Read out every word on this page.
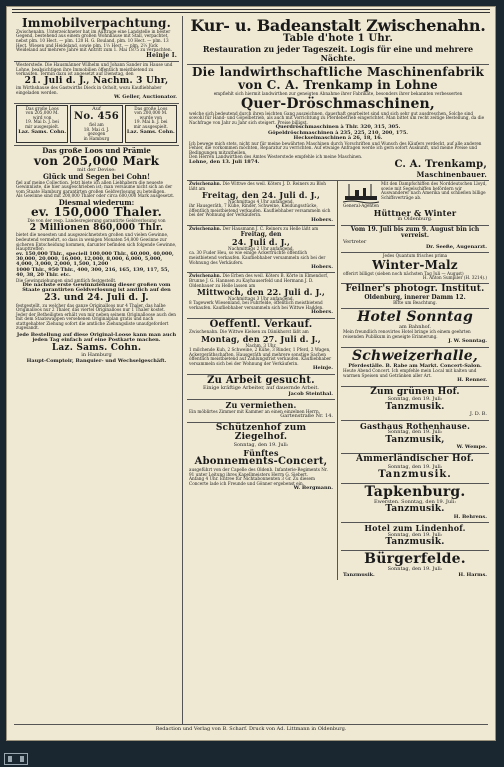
Immobilverpachtung.

Zwischenahn. Unterzeichneter hat im Auftrage eine Landstelle in bester Gegend, bestehend aus einem großen Wohnhause mit Stall, verpachtet, nebst plm. 10 Hect. — plm. 120 H. G. Bouland, plm. 10 Hect. — plm. 13 Hect. Wiesen und Heideland, sowie plm. 1⅓ Hect. — plm. 2⅔ Jück Weideland auf mehrere Jahre mit Antritt zum 1. Mai 1875 zu verpachten.

Heinje I.

Westerstede. Die Hausmänner Wilhelm und Johann Sander im Hause und Lohne, beabsichtigen ihre Immobilien öffentlich meistbietend zu verkaufen. Termin dazu ist angesetzt auf Dienstag, den

21. Juli d. J., Nachm. 3 Uhr,

im Wirthshause des Gastwirths Dieck in Ocholt, wozu Kaufliebhaber eingeladen werden.

W. Geller, Auctionator.

Das große Loos

von 205,000 M.

wird von

19. Mai b. J. bei

mir ausgespielt.

Laz. Sams. Cohn.

Auf

No. 456

fiel am

18. Mai d. J.

gezogen

in Hamburg

Das große Loos

von 200,000 M.

wurde von

19. Mai b. J. bei

mir ausgespielt.

Laz. Sams. Cohn.

Das große Loos und Prämie

von 205,000 Mark

mit der Devise:

Glück und Segen bei Cohn!

fiel auf meine Collection. Jetzt biete ich allen Liebhabern die neueste Gewinnliste, die hier ausgeschrieben ist; man versäume nicht sich an der vom Staate Hamburg garantirten großen Geldverlosung zu beteiligen.

Als Gewinne sind mit 200,000 Thaler oder circa 600,000 Mark ausgesetzt.

Diesmal wiederum:

ev. 150,000 Thaler.

Die von der resp. Landesregierung garantirte Geldverlosung von

2 Millionen 860,000 Thlr.

bietet die neuesten und ausgezeichnetsten großen und vielen Gewinne, bedeutend vermehrt, so dass in wenigen Monaten 54,800 Gewinne zur sicheren Entscheidung kommen, darunter befinden sich folgende Gewinne, Haupttreffer:

ev. 150,000 Thlr., speciell 100,000 Thlr., 60,000, 40,000, 30,000, 20,000, 16,000, 12,000, 8,000, 6,000, 5,000, 4,000, 3,000, 2,000, 1,500, 1,200

1000 Thlr., 950 Thlr., 400, 300, 216, 165, 139, 117, 55, 40, 38, 20 Thlr. etc.

Die Gewinnziehungen sind amtlich festgestellt.

Die nächste erste Gewinnziehung dieser großen vom Staate garantirten Geldverlosung ist amtlich auf den

23. und 24. Juli d. J.

festgestellt, zu welcher das ganze Originalloos nur 4 Thaler, das halbe Originalloos nur 2 Thaler, das viertel Originalloos nur 1 Thaler kostet.

Jeder der Betheiligten erhält von mir neben seinem Originalloose auch den mit dem Staatswappen versehenen Originalplan gratis und nach stattgehabter Ziehung sofort die amtliche Ziehungsliste unaufgefordert zugesandt.

Jede Bestellung auf diese Original-Loose kann man auch jeden Tag einfach auf eine Postkarte machen.

Laz. Sams. Cohn.

in Hamburg

Haupt-Comptoir, Banquier- und Wechselgeschäft.

Kur- u. Badeanstalt Zwischenahn.

Table d'hote 1 Uhr.

Restauration zu jeder Tageszeit. Logis für eine und mehrere Nächte.

Die landwirthschaftliche Maschinenfabrik

von C. A. Trenkamp in Lohne

empfiehlt sich hiermit landwirthen zur geneigten Abnahme ihrer Fabrikate, besonders ihrer bekannten verbesserten

Quer-Dröschmaschinen,

welche sich bedeutend durch ihren leichten Gang auszeichnen, dauerhaft gearbeitet sind und sich sehr gut ausdreschen. Solche sind sowohl für Hand- und Göpelbetrieb, als auch mit Vorrichtung zu Pferdebetrieb eingerichtet. Man bittet um recht zeitige Bestellung, da die Nachfrage von Jahr zu Jahr sich steigert. Preise billigst.

Querdröschmaschinen à Thlr. 320, 315, 305.

Göpeldröschmaschinen à 235, 225, 210, 200, 175.

Heckselmaschinen à 26, 18, 16.

Ich bewege mich stets, nicht nur für meine bewährten Maschinen durch Vorschriften und Wunsch des Käufers verdeckt, auf alle anderen Fehler, die vorkommen möchten, Reparatur zu verrichten. Auf etwaige Anfragen werde ich gern sofort Auskunft, und meine Preise und Bedingungen mitzutheilen.

Den Herren Landwirthen des Amtes Westerstede empfehle ich meine Maschinen.

Lohne, den 13. Juli 1874.	C. A. Trenkamp,

Maschinenbauer.

Zwischenahn. Die Wittwe des weil. Köters J. D. Reiners zu Bloh läßt am

Freitag, den 24. Juli d. J.,

Nachmittags 4 Uhr anfangend,

ihr Hausgeräth, 7 Kühe, Rinder, Schweine, Kleidungsstücke, öffentlich meistbietend verkaufen. Kaufliebhaber versammeln sich bei der Wohnung der Verkäuferin.

Hobers.

Zwischenahn. Der Hausmann J. C. Reiners zu Helle läßt am

Freitag, den

24. Juli d. J.,

Nachmittags 2 Uhr anfangend,

ca. 30 Fuder Heu, so wie einige Ackerfrüchte öffentlich meistbietend verkaufen. Kaufliebhaber versammeln sich bei der Wohnung des Verkäufers.

Hobers.

Zwischenahn. Die Erben des weil. Köters B. Körte in Elmendorf, Brunne J. G. Hannsen zu Kayhauserfeld und Hermann J. D. Oldenbauer zu Helle lassen am

Mittwoch, den 22. Juli d. J.,

Nachmittags 3 Uhr anfangend,

8 Tagewerk Wiesenland, bei Fuhrfelde, öffentlich meistbietend verkaufen. Kaufliebhaber versammeln sich bei Wittwe Hadden.

Hobers.

Oeffentl. Verkauf.

Zwischenahn. Die Wittwe Kielsen zu Dänikhorst läßt am

Montag, den 27. Juli d. J.,

Nachm. 3 Uhr,

1 milchende Kuh, 2 Schweine, 2 Kühe, 3 Rinder, 1 Pferd, 2 Wagen, Ackergeräthschaften, Hausgeräth und mehrere sonstige Sachen öffentlich meistbietend auf Zahlungsfrist verkaufen. Kaufliebhaber versammeln sich bei der Wohnung der Verkäuferin.

Heinje.

Zu Arbeit gesucht.

Einige kräftige Arbeiter, auf dauernde Arbeit.

Jacob Steinthal.

Zu vermiethen.

Ein möblirtes Zimmer mit Kammer an einen einzelnen Herrn.

Gartenstraße Nr. 14.

Schützenhof zum Ziegelhof.

Sonntag, den 19. Juli:

Fünftes

Abonnements-Concert,

ausgeführt von der Capelle des Oldenb. Infanterie-Regiments Nr. 91 unter Leitung ihres Kapellmeisters Herrn G. Siebert.

Anfang 4 Uhr. Entree für Nichtabonnenten 3 Gr. Zu diesem Concerte lade ich Freunde und Gönner ergebenst ein.

W. Bergmann.

Mit den Dampfschiffen des Norddeutschen Lloyd, sowie mit Segelschiffen befördern wir Auswanderer nach Amerika und schließen billige Schiffsverträge ab.

General-Agenten

Hüttner & Winter

in Oldenburg.

Vom 19. Juli bis zum 9. August bin ich verreist.

Vertreter

Dr. Seeße, Augenarzt.

Jedes Quantum frisches prima

Winter-Malz

offerirt billigst (sieben noch nächsten Tag Juli — August)

H. Anton Sumpiler (H. 3214).)

Feilner's photogr. Institut.

Oldenburg, innerer Damm 12.

Bitte um Beachtung.

Hotel Sonntag

am Bahnhof.

Mein freundlich renovirtes Hotel bringe ich einem geehrten reisenden Publikum in geneigte Erinnerung.

J. W. Sonntag.

Schweizerhalle,

Pferdeställe. B. Rabe am Markt. Concert-Salon.

Heute Abend Concert. Ich empfehle mein Local mit kalten und warmen Speisen und Getränken aller Art.

H. Renner.

Zum grünen Hof.

Sonntag, den 19. Juli:

Tanzmusik.

J. D. B.

Gasthaus Rothenhause.

Sonntag, den 19. Juli:

Tanzmusik,

W. Wempe.

Ammerländischer Hof.

Sonntag, den 19. Juli:

Tanzmusik.

Tapkenburg.

Ewersten. Sonntag, den 19. Juli:

Tanzmusik.

H. Behrens.

Hotel zum Lindenhof.

Sonntag, den 19. Juli:

Tanzmusik.

Bürgerfelde.

Sonntag, den 19. Juli:

Tanzmusik.	H. Harms.

Redaction und Verlag von B. Scharf. Druck von Ad. Littmann in Oldenburg.
